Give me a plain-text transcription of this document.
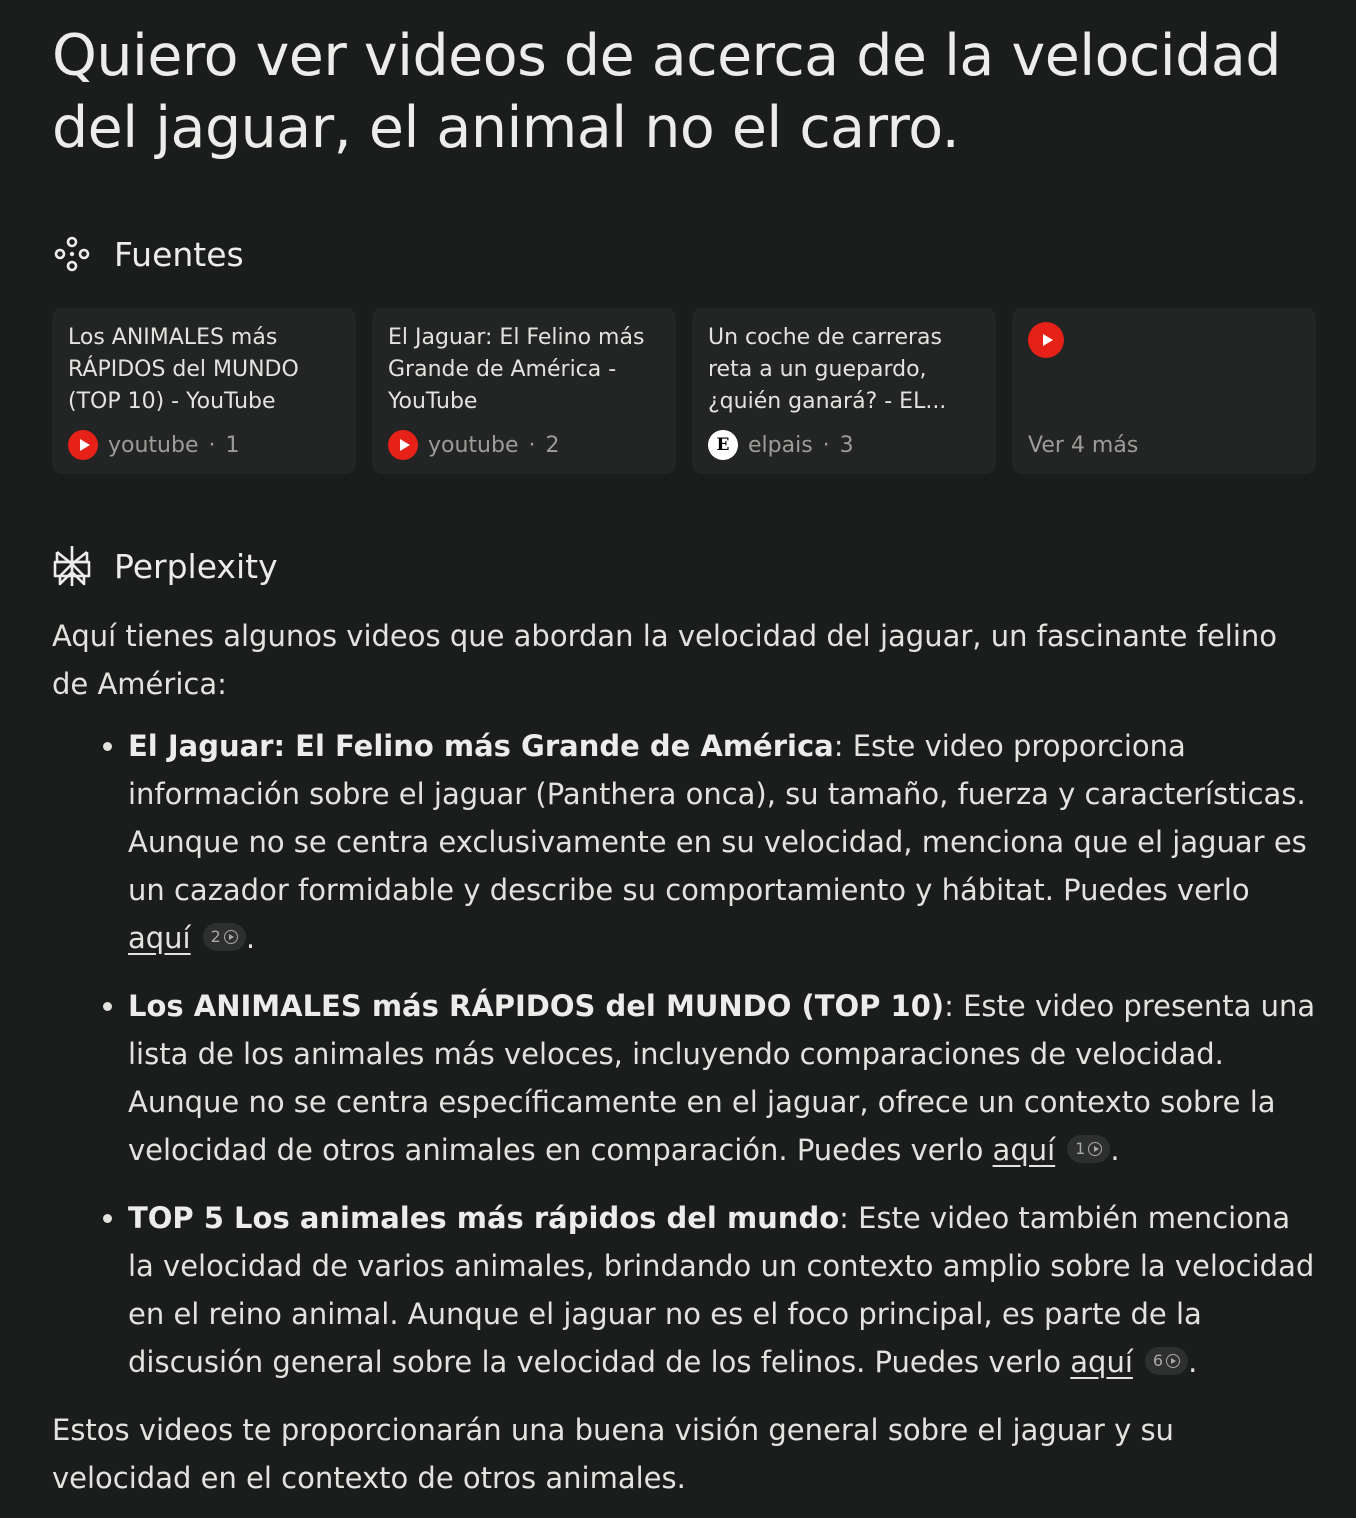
Quiero ver videos de acerca de la velocidad del jaguar, el animal no el carro.
Fuentes
Los ANIMALES más RÁPIDOS del MUNDO (TOP 10) - YouTube
youtube · 1
El Jaguar: El Felino más Grande de América - YouTube
youtube · 2
Un coche de carreras reta a un guepardo, ¿quién ganará? - EL...
E elpais · 3	Ver 4 más
Perplexity

Aquí tienes algunos videos que abordan la velocidad del jaguar, un fascinante felino de América:

• El Jaguar: El Felino más Grande de América: Este video proporciona información sobre el jaguar (Panthera onca), su tamaño, fuerza y características. Aunque no se centra exclusivamente en su velocidad, menciona que el jaguar es un cazador formidable y describe su comportamiento y hábitat. Puedes verlo aquí 2 .
• Los ANIMALES más RÁPIDOS del MUNDO (TOP 10): Este video presenta una lista de los animales más veloces, incluyendo comparaciones de velocidad. Aunque no se centra específicamente en el jaguar, ofrece un contexto sobre la velocidad de otros animales en comparación. Puedes verlo aquí 1 .
• TOP 5 Los animales más rápidos del mundo: Este video también menciona la velocidad de varios animales, brindando un contexto amplio sobre la velocidad en el reino animal. Aunque el jaguar no es el foco principal, es parte de la discusión general sobre la velocidad de los felinos. Puedes verlo aquí 6 .

Estos videos te proporcionarán una buena visión general sobre el jaguar y su velocidad en el contexto de otros animales.
